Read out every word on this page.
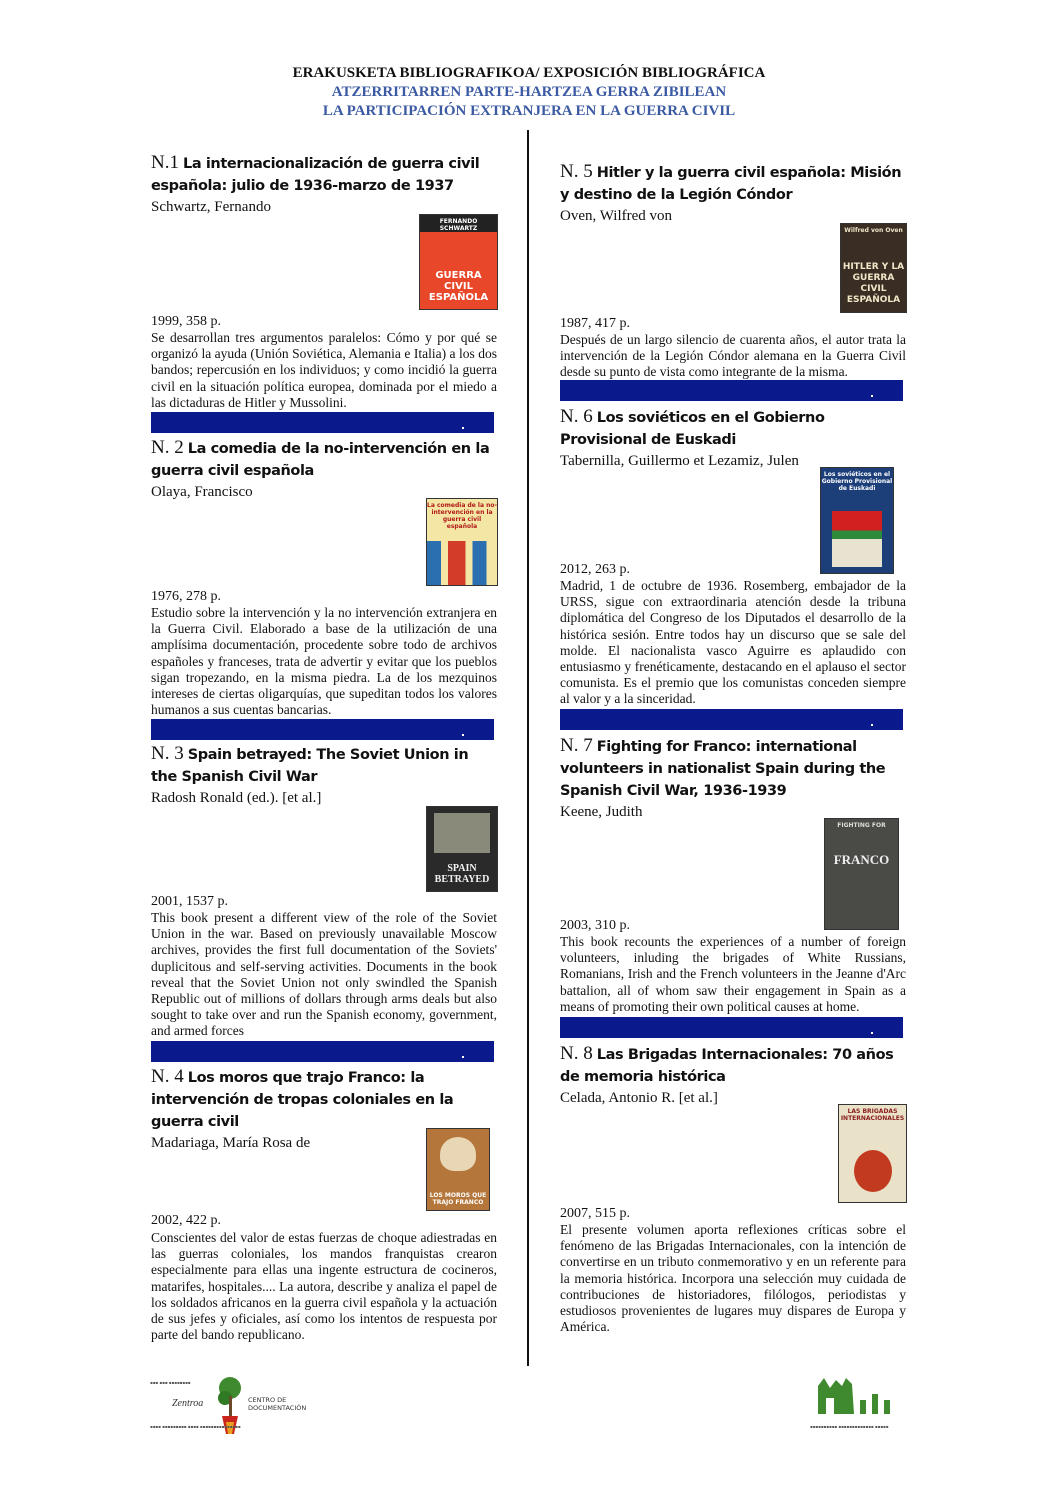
ERAKUSKETA BIBLIOGRAFIKOA/ EXPOSICIÓN BIBLIOGRÁFICA
ATZERRITARREN PARTE-HARTZEA GERRA ZIBILEAN
LA PARTICIPACIÓN EXTRANJERA EN LA GUERRA CIVIL
N.1 La internacionalización de guerra civil española: julio de 1936-marzo de 1937
Schwartz, Fernando
FERNANDO SCHWARTZ
GUERRA CIVIL ESPAÑOLA
1999, 358 p.
Se desarrollan tres argumentos paralelos: Cómo y por qué se organizó la ayuda (Unión Soviética, Alemania e Italia) a los dos bandos; repercusión en los individuos; y como incidió la guerra civil en la situación política europea, dominada por el miedo a las dictaduras de Hitler y Mussolini.
N. 2 La comedia de la no-intervención en la guerra civil española
Olaya, Francisco
La comedia de la no-intervención en la guerra civil española
1976, 278 p.
Estudio sobre la intervención y la no intervención extranjera en la Guerra Civil. Elaborado a base de la utilización de una amplísima documentación, procedente sobre todo de archivos españoles y franceses, trata de advertir y evitar que los pueblos sigan tropezando, en la misma piedra. La de los mezquinos intereses de ciertas oligarquías, que supeditan todos los valores humanos a sus cuentas bancarias.
N. 3 Spain betrayed: The Soviet Union in the Spanish Civil War
Radosh Ronald (ed.). [et al.]
SPAIN BETRAYED
2001, 1537 p.
This book present a different view of the role of the Soviet Union in the war. Based on previously unavailable Moscow archives, provides the first full documentation of the Soviets' duplicitous and self-serving activities. Documents in the book reveal that the Soviet Union not only swindled the Spanish Republic out of millions of dollars through arms deals but also sought to take over and run the Spanish economy, government, and armed forces
N. 4 Los moros que trajo Franco: la intervención de tropas coloniales en la guerra civil
Madariaga, María Rosa de
LOS MOROS QUE TRAJO FRANCO
2002, 422 p.
Conscientes del valor de estas fuerzas de choque adiestradas en las guerras coloniales, los mandos franquistas crearon especialmente para ellas una ingente estructura de cocineros, matarifes, hospitales.... La autora, describe y analiza el papel de los soldados africanos en la guerra civil española y la actuación de sus jefes y oficiales, así como los intentos de respuesta por parte del bando republicano.
N. 5 Hitler y la guerra civil española: Misión y destino de la Legión Cóndor
Oven, Wilfred von
Wilfred von Oven
HITLER Y LA GUERRA CIVIL ESPAÑOLA
1987, 417 p.
Después de un largo silencio de cuarenta años, el autor trata la intervención de la Legión Cóndor alemana en la Guerra Civil desde su punto de vista como integrante de la misma.
N. 6 Los soviéticos en el Gobierno Provisional de Euskadi
Tabernilla, Guillermo et Lezamiz, Julen
Los soviéticos en el Gobierno Provisional de Euskadi
2012, 263 p.
Madrid, 1 de octubre de 1936. Rosemberg, embajador de la URSS, sigue con extraordinaria atención desde la tribuna diplomática del Congreso de los Diputados el desarrollo de la histórica sesión. Entre todos hay un discurso que se sale del molde. El nacionalista vasco Aguirre es aplaudido con entusiasmo y frenéticamente, destacando en el aplauso el sector comunista. Es el premio que los comunistas conceden siempre al valor y a la sinceridad.
N. 7 Fighting for Franco: international volunteers in nationalist Spain during the Spanish Civil War, 1936-1939
Keene, Judith
FIGHTING FOR
FRANCO
2003, 310 p.
This book recounts the experiences of a number of foreign volunteers, inluding the brigades of White Russians, Romanians, Irish and the French volunteers in the Jeanne d'Arc battalion, all of whom saw their engagement in Spain as a means of promoting their own political causes at home.
N. 8 Las Brigadas Internacionales: 70 años de memoria histórica
Celada, Antonio R. [et al.]
LAS BRIGADAS INTERNACIONALES
2007, 515 p.
El presente volumen aporta reflexiones críticas sobre el fenómeno de las Brigadas Internacionales, con la intención de convertirse en un tributo conmemorativo y en un referente para la memoria histórica. Incorpora una selección muy cuidada de contribuciones de historiadores, filólogos, periodistas y estudiosos provenientes de lugares muy dispares de Europa y América.
▪▪▪ ▪▪▪ ▪▪▪▪▪▪▪▪
Zentroa	CENTRO DE DOCUMENTACIÓN
▪▪▪▪ ▪▪▪▪▪▪▪▪▪ ▪▪▪▪ ▪▪▪▪▪▪▪▪▪▪▪▪▪▪▪	▪▪▪▪▪▪▪▪▪▪ ▪▪▪▪▪▪▪▪▪▪▪▪▪ ▪▪▪▪▪
